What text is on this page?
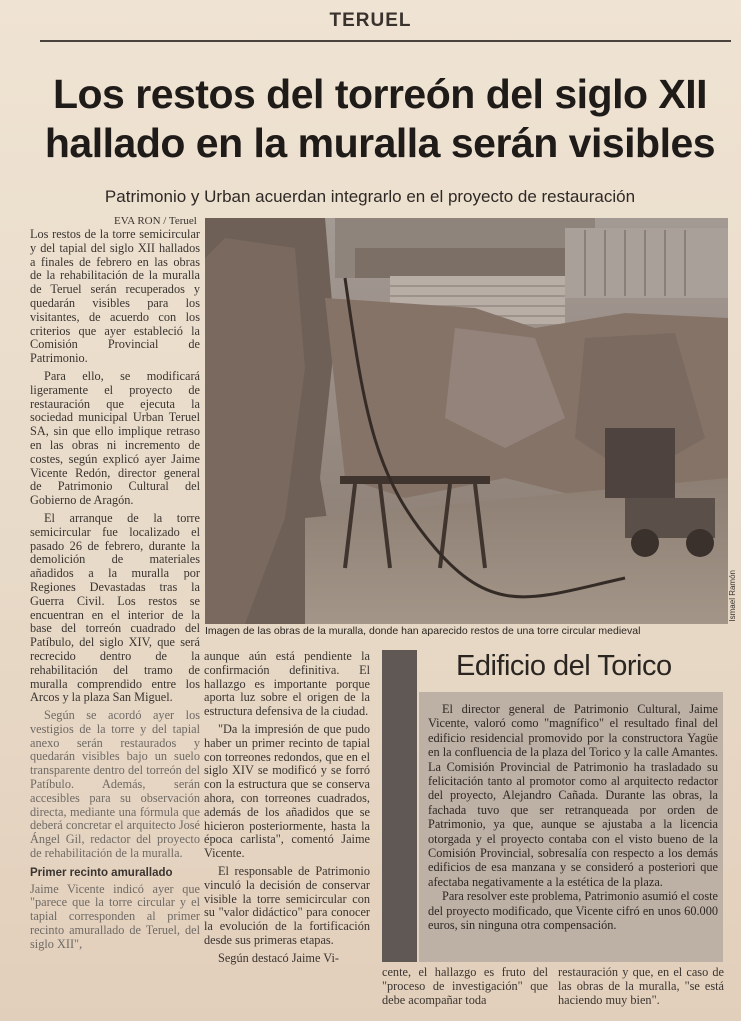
TERUEL
Los restos del torreón del siglo XII hallado en la muralla serán visibles
Patrimonio y Urban acuerdan integrarlo en el proyecto de restauración
EVA RON / Teruel

Los restos de la torre semicircular y del tapial del siglo XII hallados a finales de febrero en las obras de la rehabilitación de la muralla de Teruel serán recuperados y quedarán visibles para los visitantes, de acuerdo con los criterios que ayer estableció la Comisión Provincial de Patrimonio.

Para ello, se modificará ligeramente el proyecto de restauración que ejecuta la sociedad municipal Urban Teruel SA, sin que ello implique retraso en las obras ni incremento de costes, según explicó ayer Jaime Vicente Redón, director general de Patrimonio Cultural del Gobierno de Aragón.

El arranque de la torre semicircular fue localizado el pasado 26 de febrero, durante la demolición de materiales añadidos a la muralla por Regiones Devastadas tras la Guerra Civil. Los restos se encuentran en el interior de la base del torreón cuadrado del Patíbulo, del siglo XIV, que será recrecido dentro de la rehabilitación del tramo de muralla comprendido entre los Arcos y la plaza San Miguel.

Según se acordó ayer los vestigios de la torre y del tapial anexo serán restaurados y quedarán visibles bajo un suelo transparente dentro del torreón del Patíbulo. Además, serán accesibles para su observación directa, mediante una fórmula que deberá concretar el arquitecto José Ángel Gil, redactor del proyecto de rehabilitación de la muralla.

Primer recinto amurallado

Jaime Vicente indicó ayer que "parece que la torre circular y el tapial corresponden al primer recinto amurallado de Teruel, del siglo XII",

Ismael Ramón
Imagen de las obras de la muralla, donde han aparecido restos de una torre circular medieval

aunque aún está pendiente la confirmación definitiva. El hallazgo es importante porque aporta luz sobre el origen de la estructura defensiva de la ciudad.

"Da la impresión de que pudo haber un primer recinto de tapial con torreones redondos, que en el siglo XIV se modificó y se forró con la estructura que se conserva ahora, con torreones cuadrados, además de los añadidos que se hicieron posteriormente, hasta la época carlista", comentó Jaime Vicente.

El responsable de Patrimonio vinculó la decisión de conservar visible la torre semicircular con su "valor didáctico" para conocer la evolución de la fortificación desde sus primeras etapas.

Según destacó Jaime Vi-

Edificio del Torico

El director general de Patrimonio Cultural, Jaime Vicente, valoró como "magnífico" el resultado final del edificio residencial promovido por la constructora Yagüe en la confluencia de la plaza del Torico y la calle Amantes. La Comisión Provincial de Patrimonio ha trasladado su felicitación tanto al promotor como al arquitecto redactor del proyecto, Alejandro Cañada. Durante las obras, la fachada tuvo que ser retranqueada por orden de Patrimonio, ya que, aunque se ajustaba a la licencia otorgada y el proyecto contaba con el visto bueno de la Comisión Provincial, sobresalía con respecto a los demás edificios de esa manzana y se consideró a posteriori que afectaba negativamente a la estética de la plaza.

Para resolver este problema, Patrimonio asumió el coste del proyecto modificado, que Vicente cifró en unos 60.000 euros, sin ninguna otra compensación.

cente, el hallazgo es fruto del "proceso de investigación" que debe acompañar toda

restauración y que, en el caso de las obras de la muralla, "se está haciendo muy bien".
